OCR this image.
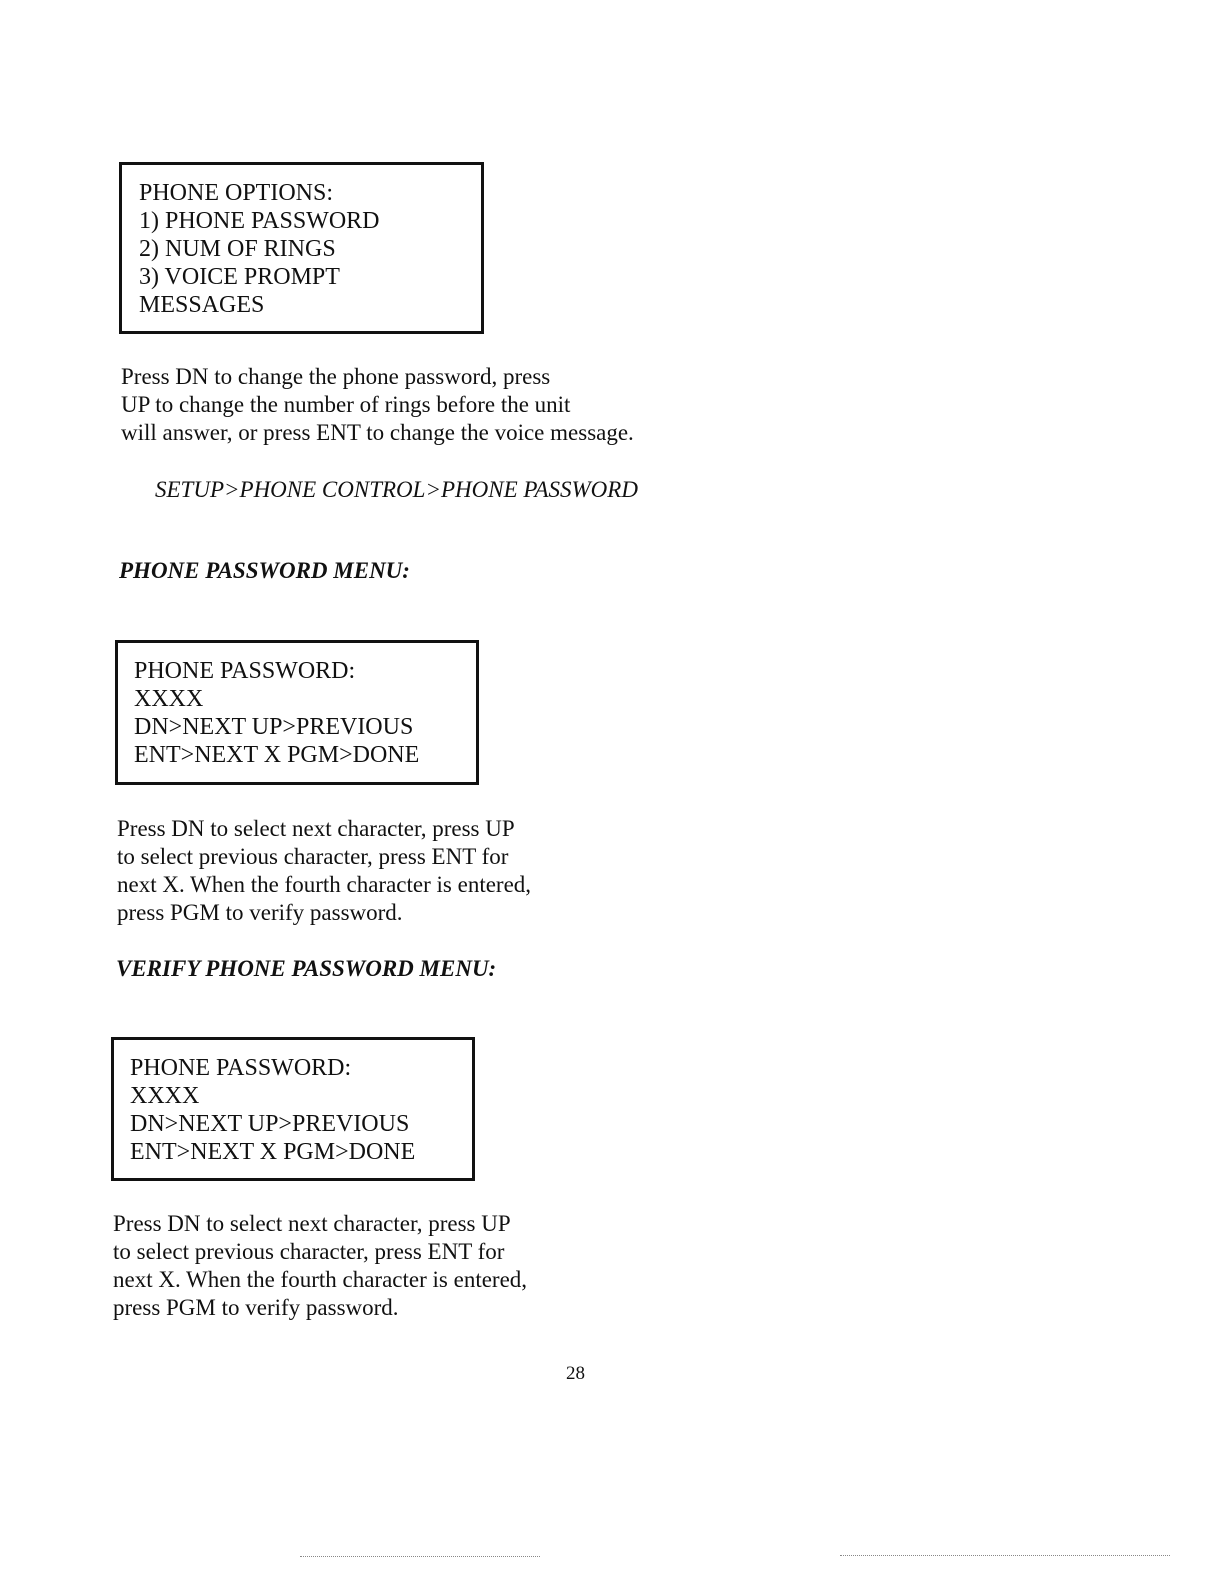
PHONE OPTIONS:
1) PHONE PASSWORD
2) NUM OF RINGS
3) VOICE PROMPT
MESSAGES
Press DN to change the phone password, press
UP to change the number of rings before the unit
will answer, or press ENT to change the voice message.
SETUP>PHONE CONTROL>PHONE PASSWORD
PHONE PASSWORD MENU:
PHONE PASSWORD:
XXXX
DN>NEXT UP>PREVIOUS
ENT>NEXT X PGM>DONE
Press DN to select next character, press UP
to select previous character, press ENT for
next X. When the fourth character is entered,
press PGM to verify password.
VERIFY PHONE PASSWORD MENU:
PHONE PASSWORD:
XXXX
DN>NEXT UP>PREVIOUS
ENT>NEXT X PGM>DONE
Press DN to select next character, press UP
to select previous character, press ENT for
next X. When the fourth character is entered,
press PGM to verify password.
28
